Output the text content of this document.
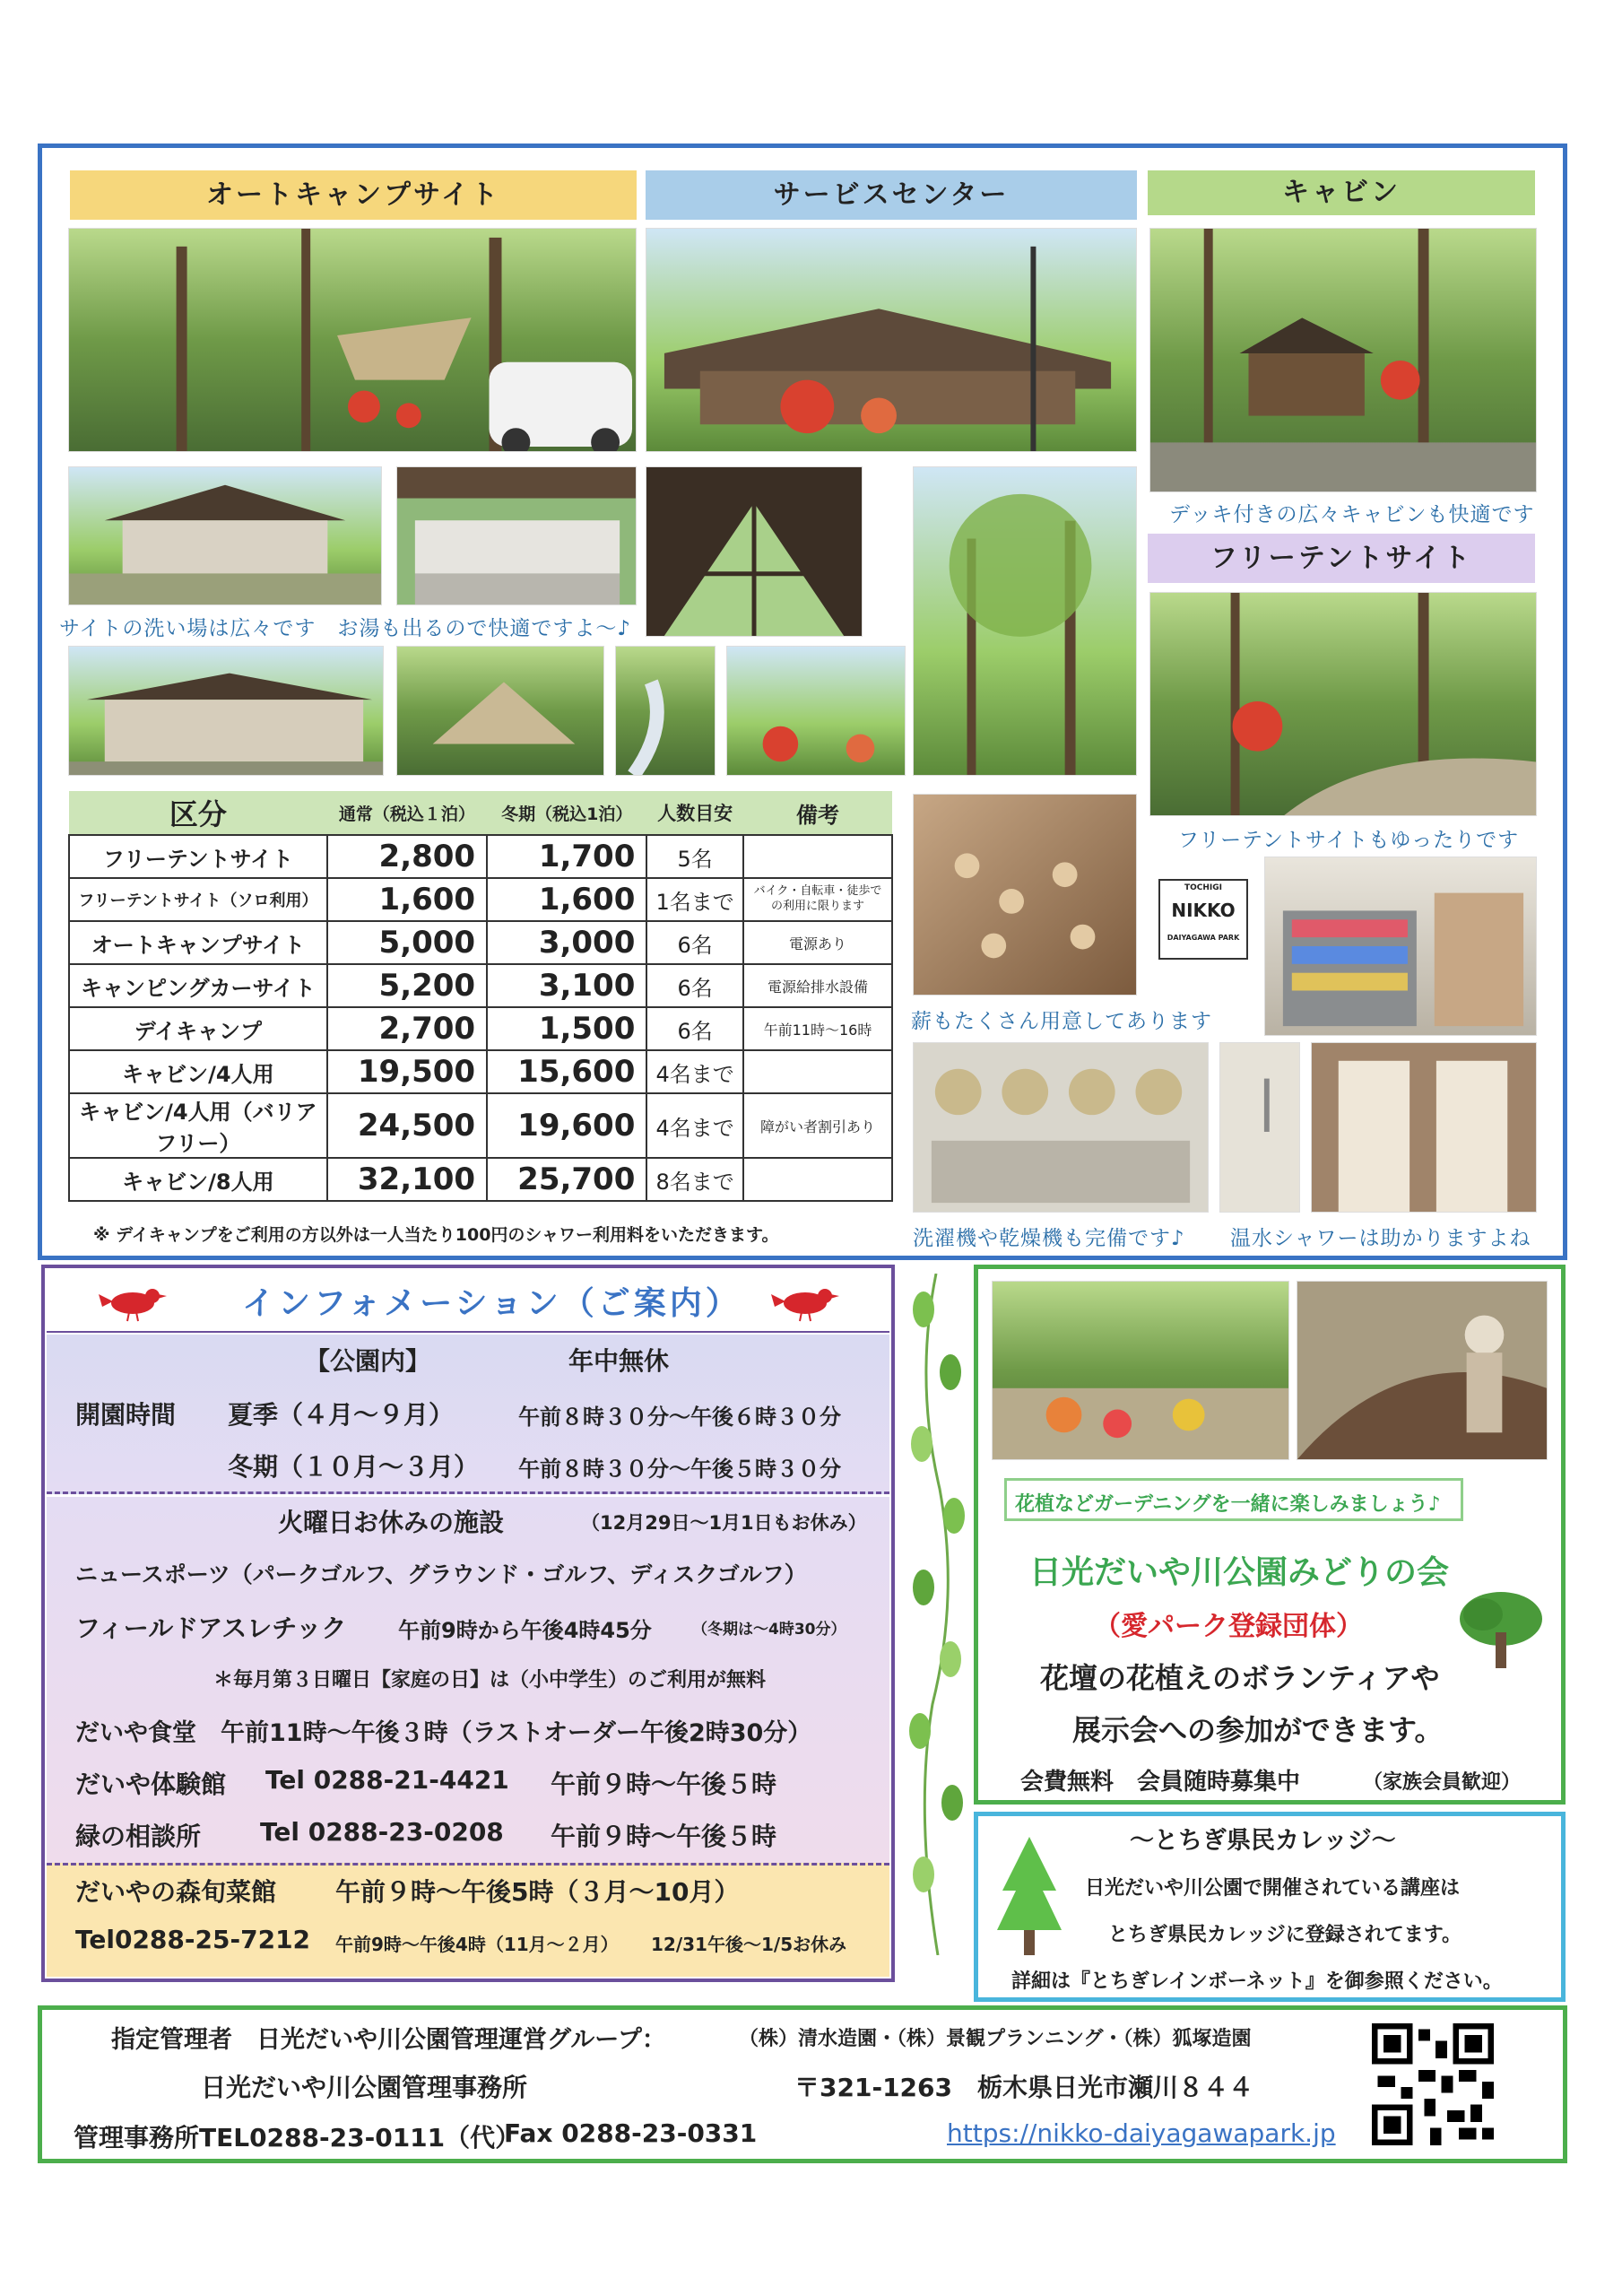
オートキャンプサイト	サービスセンター	キャビン
デッキ付きの広々キャビンも快適です
フリーテントサイト
サイトの洗い場は広々です　お湯も出るので快適ですよ～♪
フリーテントサイトもゆったりです
区分	通常（税込１泊）	冬期（税込1泊）	人数目安	備考
フリーテントサイト	2,800	1,700	5名	
フリーテントサイト（ソロ利用）	1,600	1,600	1名まで	バイク・自転車・徒歩での利用に限ります
オートキャンプサイト	5,000	3,000	6名	電源あり
キャンピングカーサイト	5,200	3,100	6名	電源給排水設備
デイキャンプ	2,700	1,500	6名	午前11時～16時
キャビン/4人用	19,500	15,600	4名まで	
キャビン/4人用（バリアフリー）	24,500	19,600	4名まで	障がい者割引あり
キャビン/8人用	32,100	25,700	8名まで	
※ デイキャンプをご利用の方以外は一人当たり100円のシャワー利用料をいただきます。
薪もたくさん用意してあります
TOCHIGI
NIKKO
DAIYAGAWA PARK
洗濯機や乾燥機も完備です♪ 温水シャワーは助かりますよね
インフォメーション（ご案内）
【公園内】	年中無休
開園時間 夏季（４月～９月）	午前８時３０分～午後６時３０分
冬期（１０月～３月） 午前８時３０分～午後５時３０分
火曜日お休みの施設	（12月29日～1月1日もお休み）
ニュースポーツ（パークゴルフ、グラウンド・ゴルフ、ディスクゴルフ）
フィールドアスレチック 午前9時から午後4時45分	（冬期は～4時30分）
＊毎月第３日曜日【家庭の日】は（小中学生）のご利用が無料
だいや食堂　午前11時～午後３時（ラストオーダー午後2時30分）
だいや体験館 Tel 0288-21-4421 午前９時～午後５時
緑の相談所 Tel 0288-23-0208 午前９時～午後５時
だいやの森旬菜館 午前９時～午後5時（３月～10月）
Tel0288-25-7212 午前9時～午後4時（11月～２月） 12/31午後～1/5お休み
花植などガーデニングを一緒に楽しみましょう♪
日光だいや川公園みどりの会
（愛パーク登録団体）
花壇の花植えのボランティアや
展示会への参加ができます。
会費無料　会員随時募集中	（家族会員歓迎）
～とちぎ県民カレッジ～
日光だいや川公園で開催されている講座は
とちぎ県民カレッジに登録されてます。
詳細は『とちぎレインボーネット』を御参照ください。
指定管理者　日光だいや川公園管理運営グループ：	（株）清水造園・（株）景観プランニング・（株）狐塚造園
日光だいや川公園管理事務所	〒321-1263　栃木県日光市瀬川８４４
管理事務所TEL0288-23-0111（代）
Fax 0288-23-0331	https://nikko-daiyagawapark.jp
